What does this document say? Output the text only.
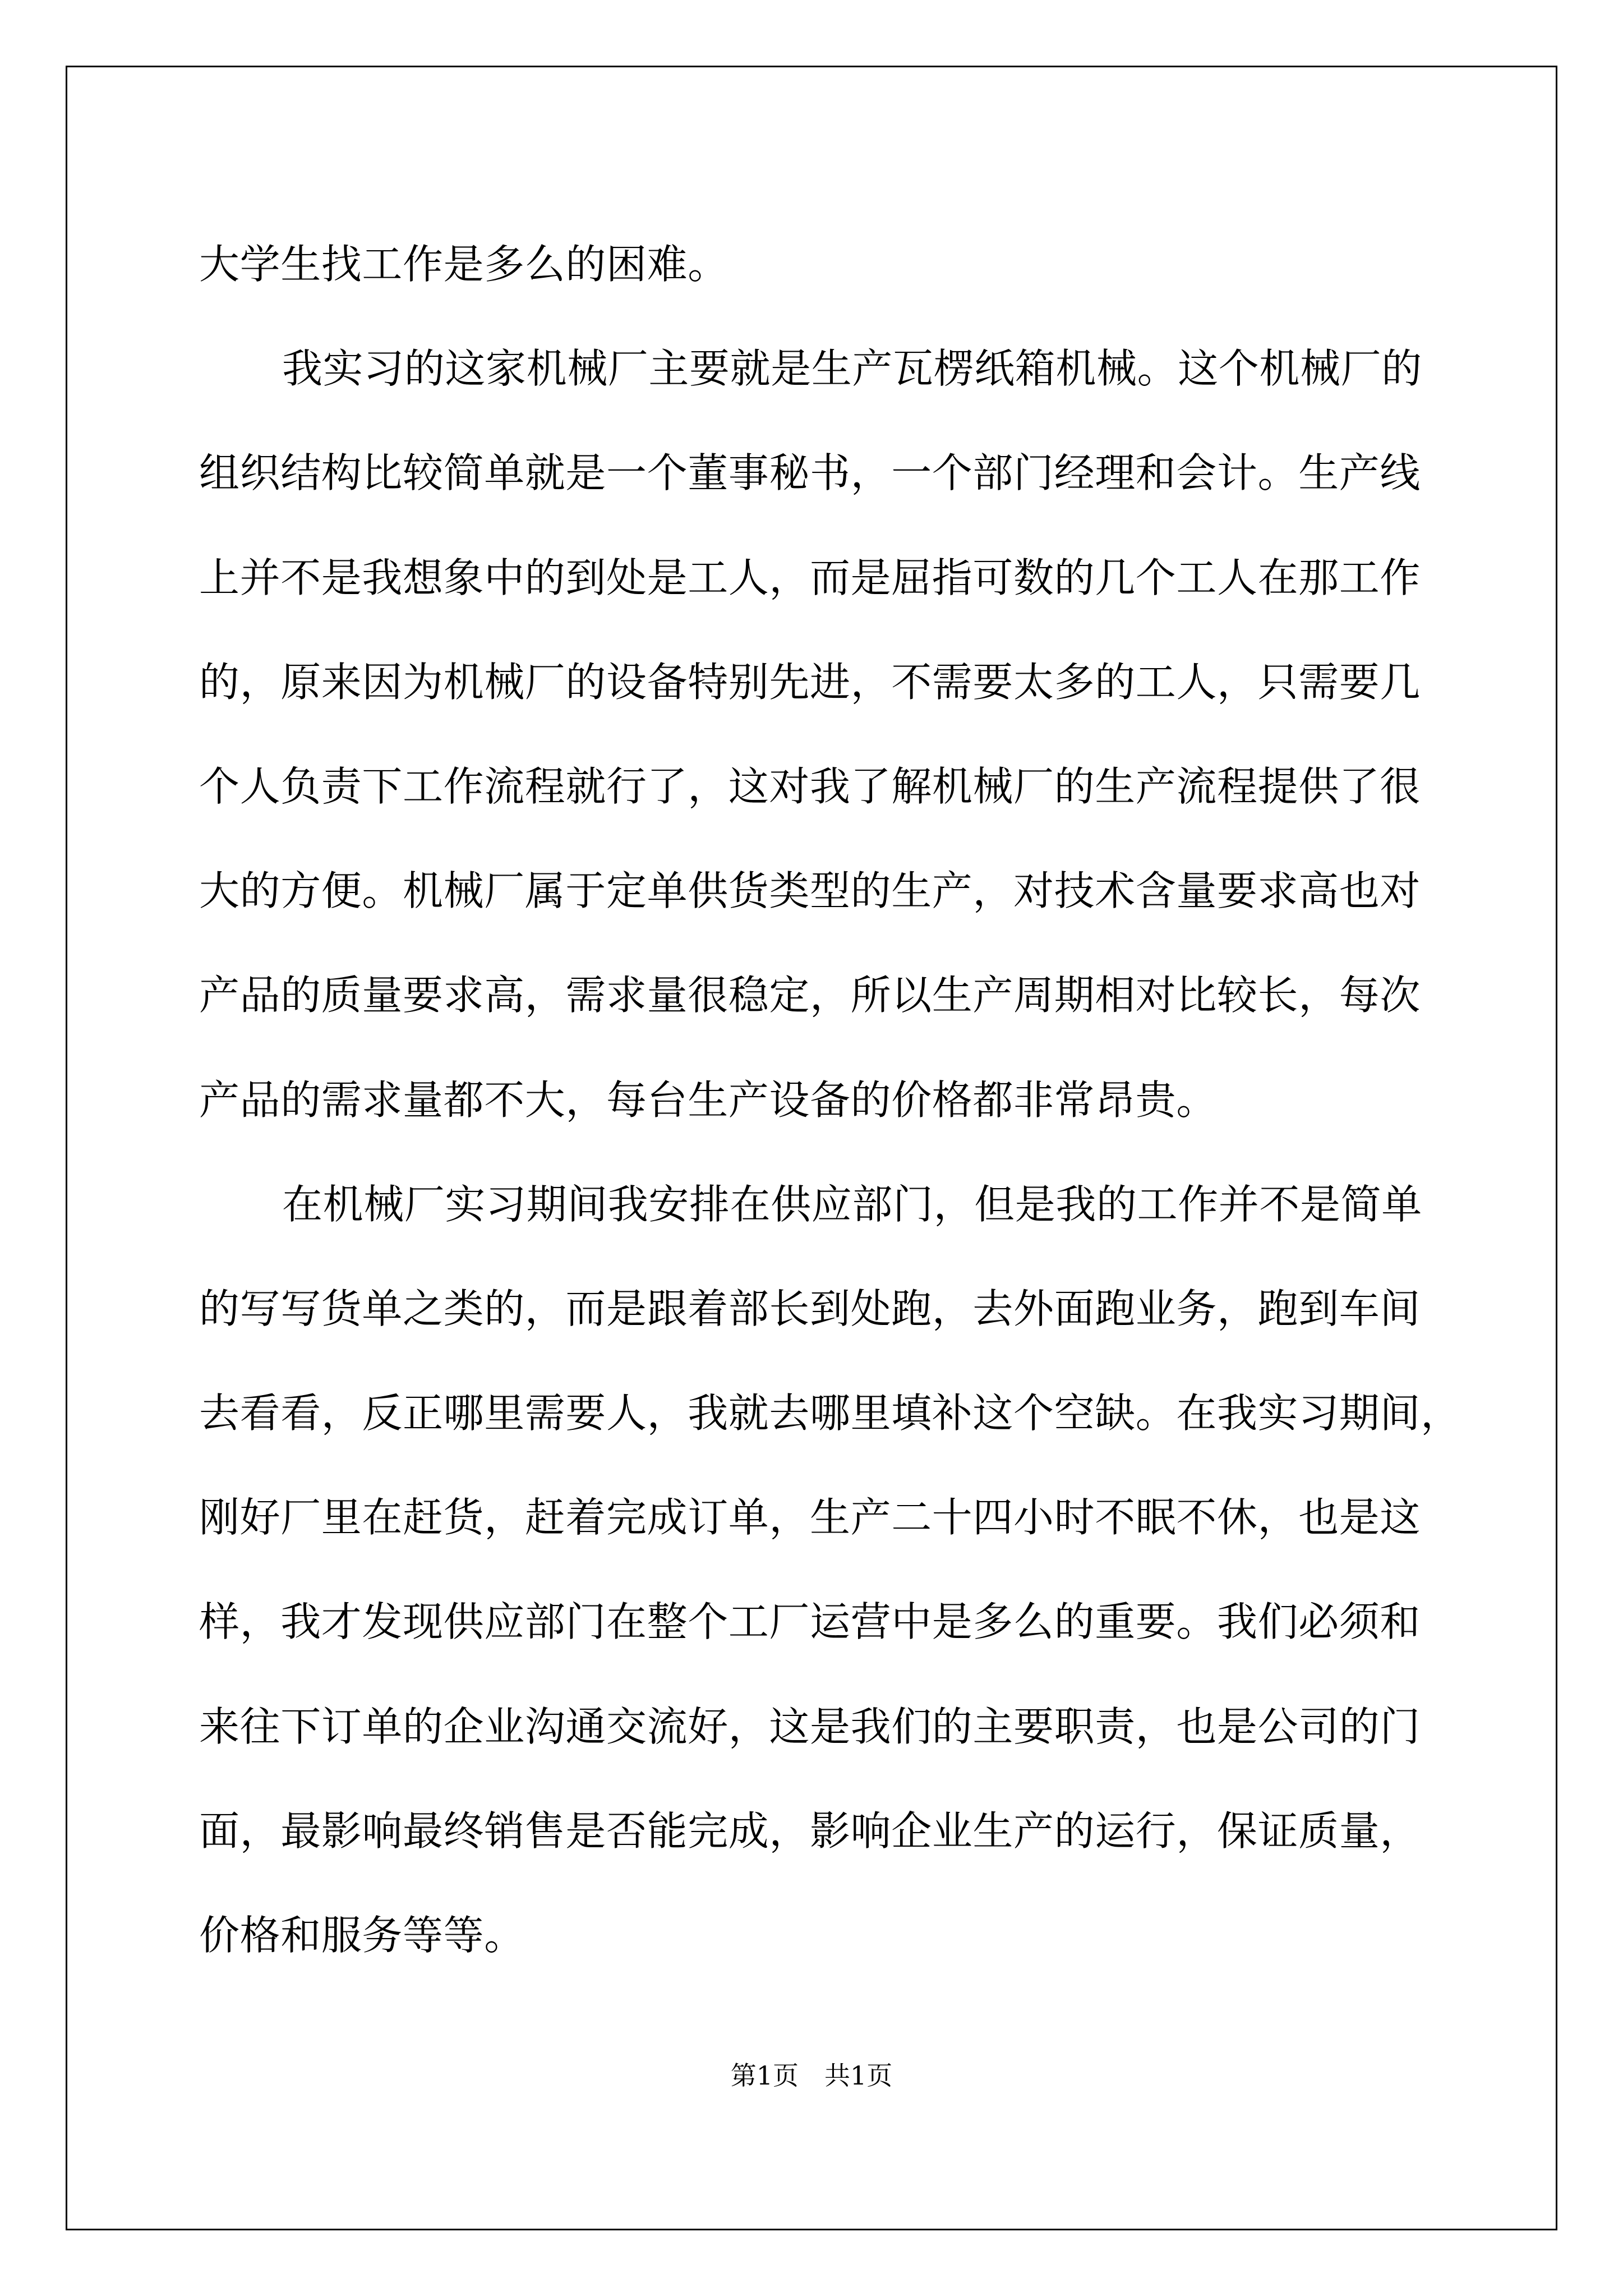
大学生找工作是多么的困难。
我实习的这家机械厂主要就是生产瓦楞纸箱机械。这个机械厂的
组织结构比较简单就是一个董事秘书，一个部门经理和会计。生产线
上并不是我想象中的到处是工人，而是屈指可数的几个工人在那工作
的，原来因为机械厂的设备特别先进，不需要太多的工人，只需要几
个人负责下工作流程就行了，这对我了解机械厂的生产流程提供了很
大的方便。机械厂属于定单供货类型的生产，对技术含量要求高也对
产品的质量要求高，需求量很稳定，所以生产周期相对比较长，每次
产品的需求量都不大，每台生产设备的价格都非常昂贵。
在机械厂实习期间我安排在供应部门，但是我的工作并不是简单
的写写货单之类的，而是跟着部长到处跑，去外面跑业务，跑到车间
去看看，反正哪里需要人，我就去哪里填补这个空缺。在我实习期间，
刚好厂里在赶货，赶着完成订单，生产二十四小时不眠不休，也是这
样，我才发现供应部门在整个工厂运营中是多么的重要。我们必须和
来往下订单的企业沟通交流好，这是我们的主要职责，也是公司的门
面，最影响最终销售是否能完成，影响企业生产的运行，保证质量，
价格和服务等等。
第1页 共1页
